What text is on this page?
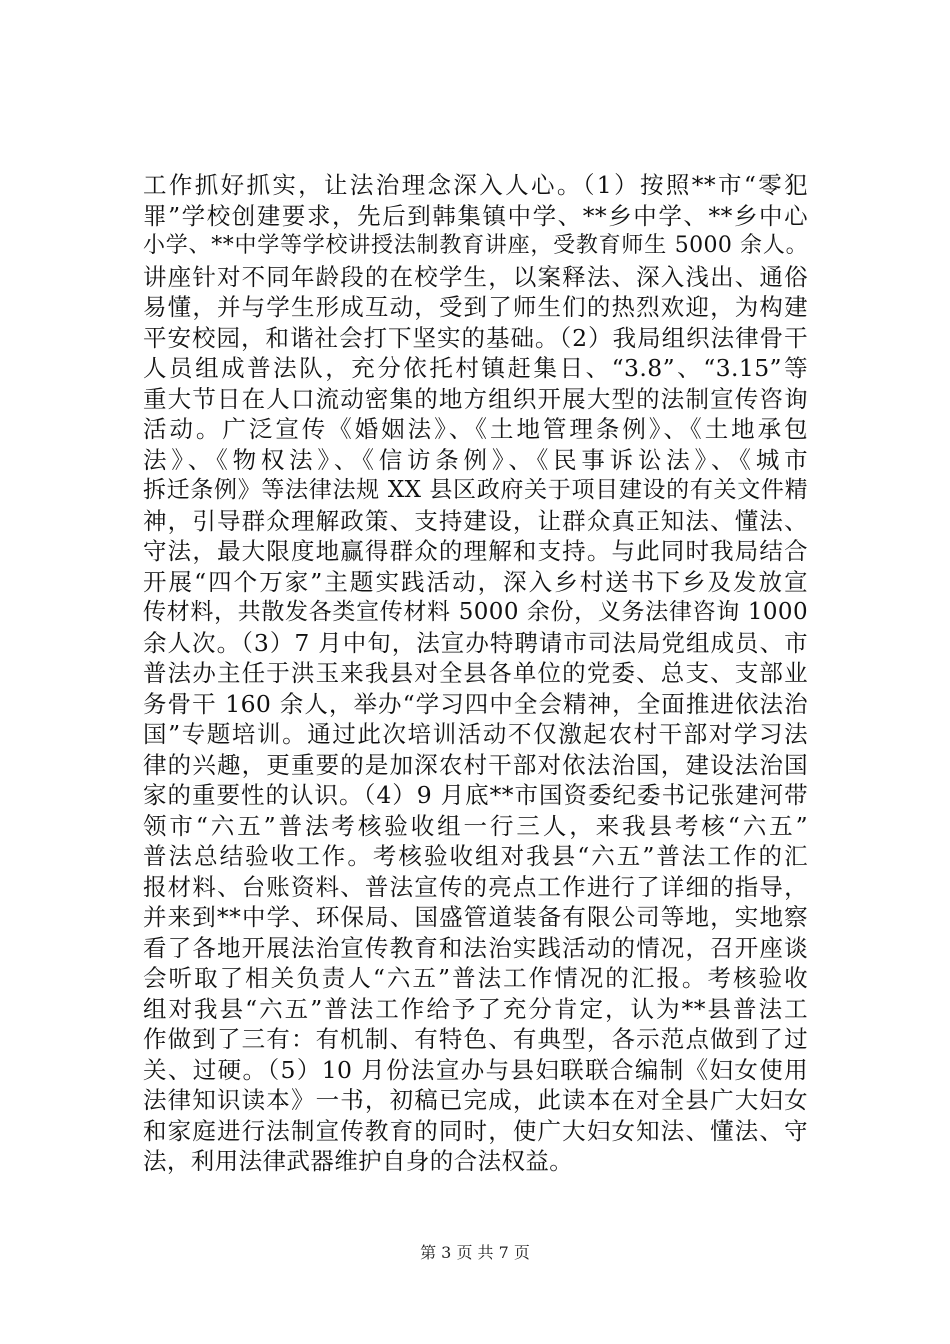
工作抓好抓实，让法治理念深入人心。（1）按照**市“零犯
罪”学校创建要求，先后到韩集镇中学、**乡中学、**乡中心
小学、**中学等学校讲授法制教育讲座，受教育师生 5000 余人。
讲座针对不同年龄段的在校学生，以案释法、深入浅出、通俗
易懂，并与学生形成互动，受到了师生们的热烈欢迎，为构建
平安校园，和谐社会打下坚实的基础。（2）我局组织法律骨干
人员组成普法队，充分依托村镇赶集日、“3.8”、“3.15”等
重大节日在人口流动密集的地方组织开展大型的法制宣传咨询
活动。广泛宣传《婚姻法》、《土地管理条例》、《土地承包
法》、《物权法》、《信访条例》、《民事诉讼法》、《城市
拆迁条例》等法律法规 XX 县区政府关于项目建设的有关文件精
神，引导群众理解政策、支持建设，让群众真正知法、懂法、
守法，最大限度地赢得群众的理解和支持。与此同时我局结合
开展“四个万家”主题实践活动，深入乡村送书下乡及发放宣
传材料，共散发各类宣传材料 5000 余份，义务法律咨询 1000
余人次。（3）7 月中旬，法宣办特聘请市司法局党组成员、市
普法办主任于洪玉来我县对全县各单位的党委、总支、支部业
务骨干 160 余人，举办“学习四中全会精神，全面推进依法治
国”专题培训。通过此次培训活动不仅激起农村干部对学习法
律的兴趣，更重要的是加深农村干部对依法治国，建设法治国
家的重要性的认识。（4）9 月底**市国资委纪委书记张建河带
领市“六五”普法考核验收组一行三人，来我县考核“六五”
普法总结验收工作。考核验收组对我县“六五”普法工作的汇
报材料、台账资料、普法宣传的亮点工作进行了详细的指导，
并来到**中学、环保局、国盛管道装备有限公司等地，实地察
看了各地开展法治宣传教育和法治实践活动的情况，召开座谈
会听取了相关负责人“六五”普法工作情况的汇报。考核验收
组对我县“六五”普法工作给予了充分肯定，认为**县普法工
作做到了三有：有机制、有特色、有典型，各示范点做到了过
关、过硬。（5）10 月份法宣办与县妇联联合编制《妇女使用
法律知识读本》一书，初稿已完成，此读本在对全县广大妇女
和家庭进行法制宣传教育的同时，使广大妇女知法、懂法、守
法，利用法律武器维护自身的合法权益。
第 3 页 共 7 页
